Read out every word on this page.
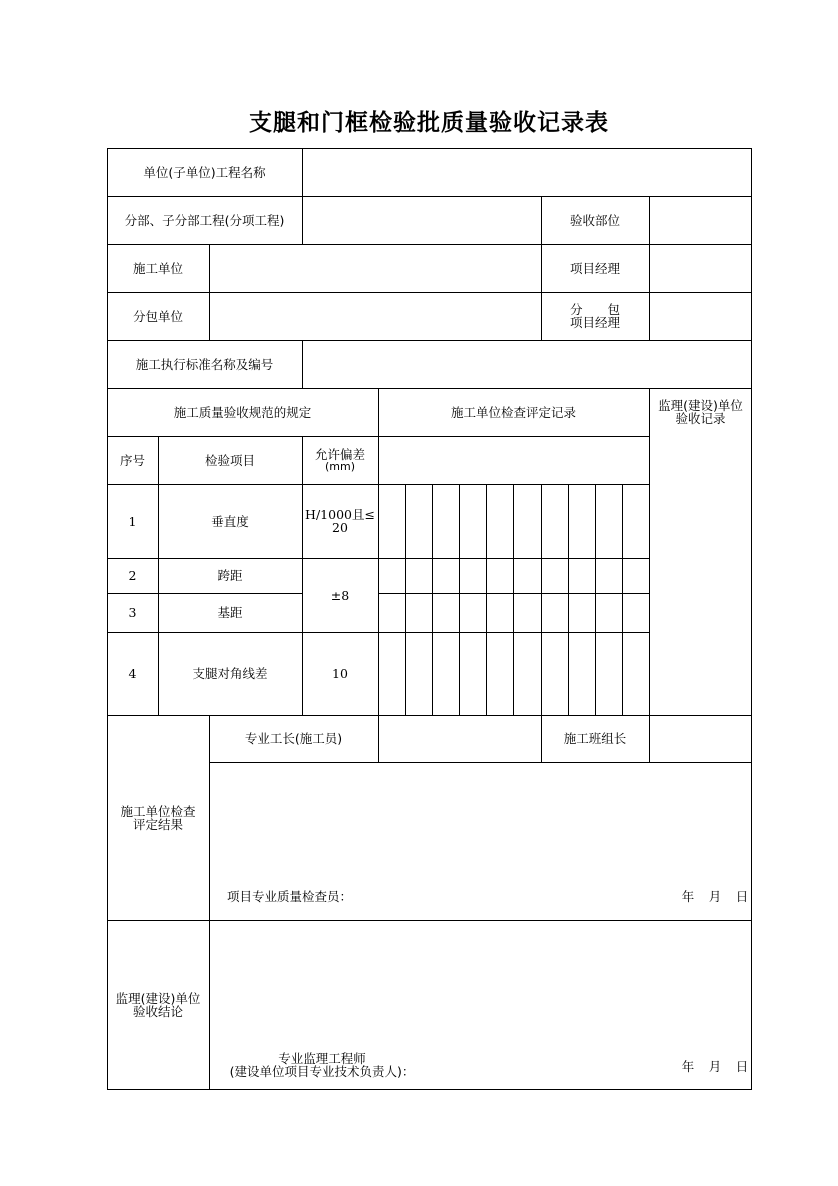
支腿和门框检验批质量验收记录表
单位(子单位)工程名称
分部、子分部工程(分项工程)	验收部位
施工单位	项目经理
分包单位	分　　包
项目经理
施工执行标准名称及编号
施工质量验收规范的规定	施工单位检查评定记录	监理(建设)单位
验收记录
序号	检验项目	允许偏差
(mm)
1	垂直度	H/1000且≤
20
2	跨距
±8
3	基距
4	支腿对角线差	10
专业工长(施工员)	施工班组长
施工单位检查
评定结果
项目专业质量检查员：	年 月 日
监理(建设)单位
验收结论
专业监理工程师
(建设单位项目专业技术负责人)：	年 月 日
